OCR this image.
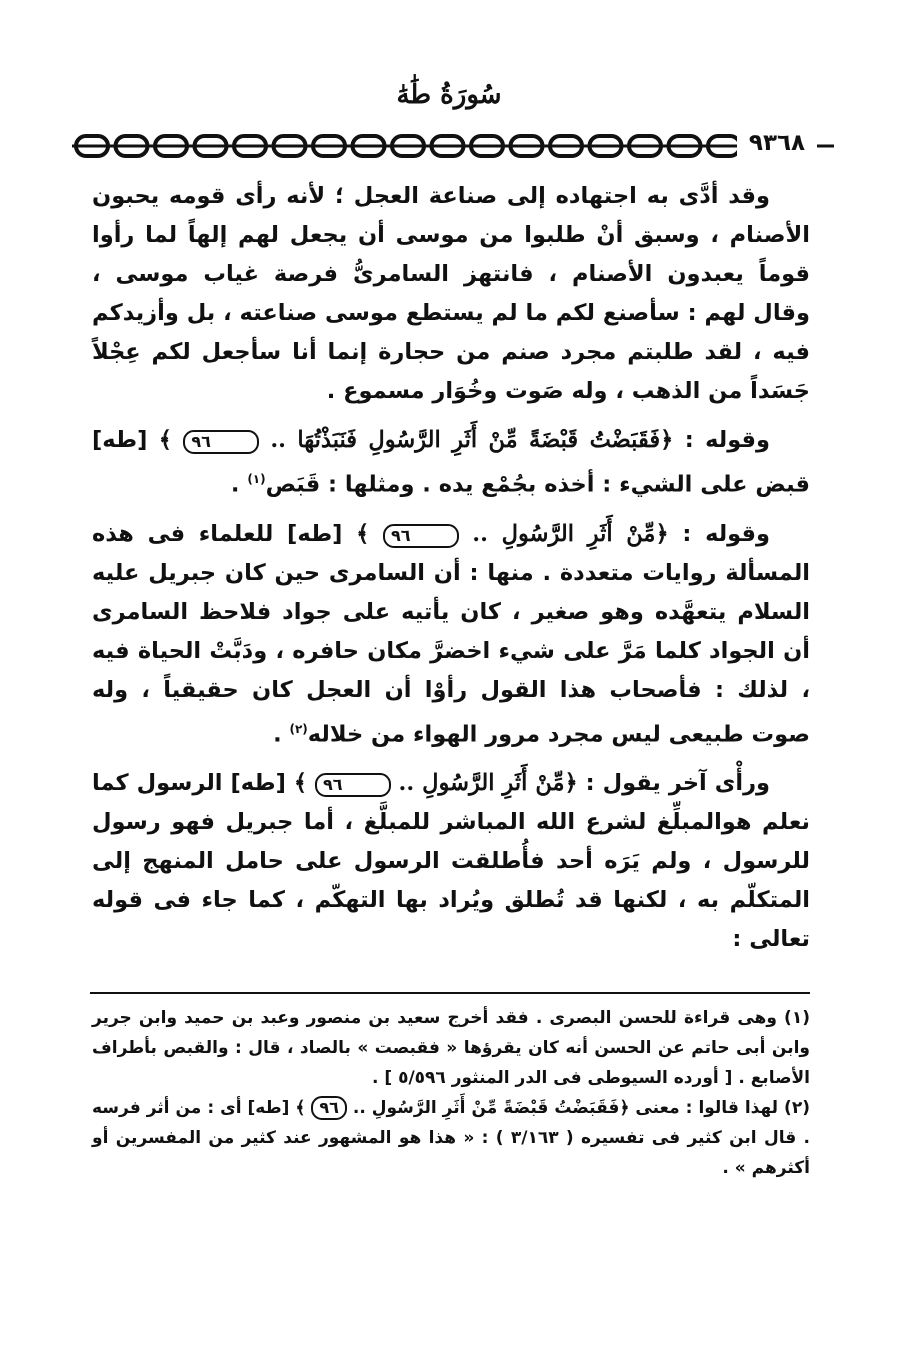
سُورَةُ طَٰهَٰ
٩٣٦٨

وقد أدَّى به اجتهاده إلى صناعة العجل ؛ لأنه رأى قومه يحبون الأصنام ، وسبق أنْ طلبوا من موسى أن يجعل لهم إلهاً لما رأوا قوماً يعبدون الأصنام ، فانتهز السامرىُّ فرصة غياب موسى ، وقال لهم : سأصنع لكم ما لم يستطع موسى صناعته ، بل وأزيدكم فيه ، لقد طلبتم مجرد صنم من حجارة إنما أنا سأجعل لكم عِجْلاً جَسَداً من الذهب ، وله صَوت وخُوَار مسموع .

وقوله : ﴿فَقَبَضْتُ قَبْضَةً مِّنْ أَثَرِ الرَّسُولِ فَنَبَذْتُهَا .. ٩٦ ﴾ [طه] قبض على الشيء : أخذه بجُمْع يده . ومثلها : قَبَص$^{(١)}$ .

وقوله : ﴿مِّنْ أَثَرِ الرَّسُولِ .. ٩٦ ﴾ [طه] للعلماء فى هذه المسألة روايات متعددة . منها : أن السامرى حين كان جبريل عليه السلام يتعهَّده وهو صغير ، كان يأتيه على جواد فلاحظ السامرى أن الجواد كلما مَرَّ على شيء اخضرَّ مكان حافره ، ودَبَّتْ الحياة فيه ، لذلك : فأصحاب هذا القول رأوْا أن العجل كان حقيقياً ، وله صوت طبيعى ليس مجرد مرور الهواء من خلاله$^{(٢)}$ .

ورأْى آخر يقول : ﴿مِّنْ أَثَرِ الرَّسُولِ .. ٩٦ ﴾ [طه] الرسول كما نعلم هوالمبلِّغ لشرع الله المباشر للمبلَّغ ، أما جبريل فهو رسول للرسول ، ولم يَرَه أحد فأُطلقت الرسول على حامل المنهج إلى المتكلّم به ، لكنها قد تُطلق ويُراد بها التهكّم ، كما جاء فى قوله تعالى :

(١) وهى قراءة للحسن البصرى . فقد أخرج سعيد بن منصور وعبد بن حميد وابن جرير وابن أبى حاتم عن الحسن أنه كان يقرؤها « فقبصت » بالصاد ، قال : والقبص بأطراف الأصابع . [ أورده السيوطى فى الدر المنثور ٥/٥٩٦ ] .

(٢) لهذا قالوا : معنى ﴿فَقَبَضْتُ قَبْضَةً مِّنْ أَثَرِ الرَّسُولِ .. ٩٦ ﴾ [طه] أى : من أثر فرسه . قال ابن كثير فى تفسيره ( ٣/١٦٣ ) : « هذا هو المشهور عند كثير من المفسرين أو أكثرهم » .
